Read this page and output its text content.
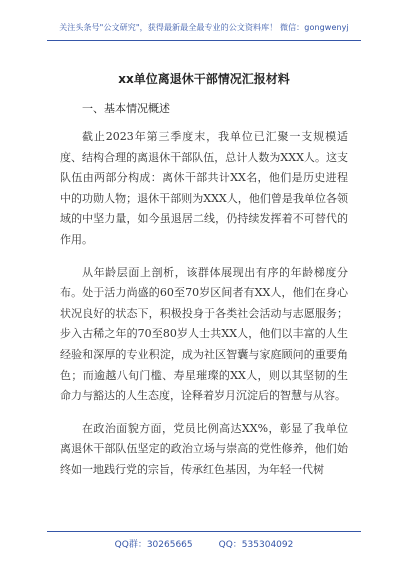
关注头条号"公文研究"，获得最新最全最专业的公文资料库！ 微信：gongwenyj
xx单位离退休干部情况汇报材料
一、基本情况概述

截止2023年第三季度末，我单位已汇聚一支规模适度、结构合理的离退休干部队伍，总计人数为XXX人。这支队伍由两部分构成：离休干部共计XX名，他们是历史进程中的功勋人物；退休干部则为XXX人，他们曾是我单位各领域的中坚力量，如今虽退居二线，仍持续发挥着不可替代的作用。

从年龄层面上剖析，该群体展现出有序的年龄梯度分布。处于活力尚盛的60至70岁区间者有XX人，他们在身心状况良好的状态下，积极投身于各类社会活动与志愿服务；步入古稀之年的70至80岁人士共XX人，他们以丰富的人生经验和深厚的专业积淀，成为社区智囊与家庭顾问的重要角色；而逾越八旬门槛、寿星璀璨的XX人，则以其坚韧的生命力与豁达的人生态度，诠释着岁月沉淀后的智慧与从容。

在政治面貌方面，党员比例高达XX%，彰显了我单位离退休干部队伍坚定的政治立场与崇高的党性修养，他们始终如一地践行党的宗旨，传承红色基因，为年轻一代树

QQ群：30265665	QQ：535304092
